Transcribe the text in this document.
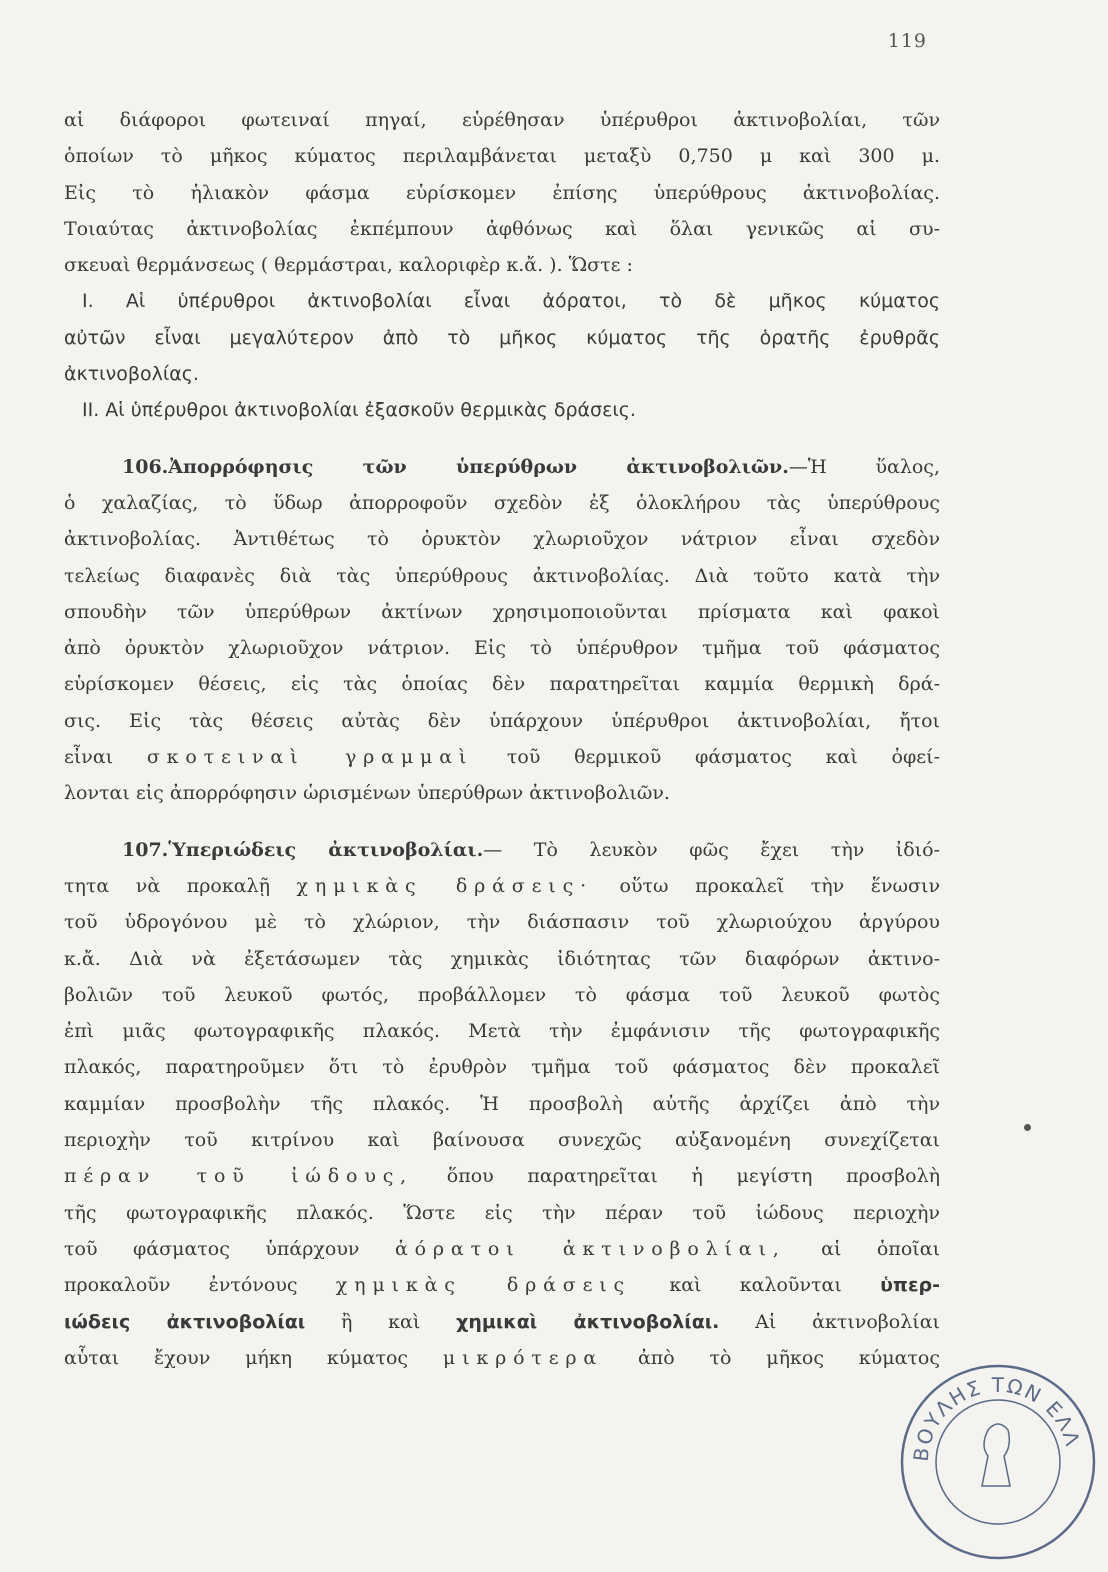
119
αἱ διάφοροι φωτειναί πηγαί, εὑρέθησαν ὑπέρυθροι ἀκτινοβολίαι, τῶν
ὁποίων τὸ μῆκος κύματος περιλαμβάνεται μεταξὺ 0,750 μ καὶ 300 μ.
Εἰς τὸ ἡλιακὸν φάσμα εὑρίσκομεν ἐπίσης ὑπερύθρους ἀκτινοβολίας.
Τοιαύτας ἀκτινοβολίας ἐκπέμπουν ἀφθόνως καὶ ὅλαι γενικῶς αἱ συ-
σκευαὶ θερμάνσεως ( θερμάστραι, καλοριφὲρ κ.ἄ. ). Ὥστε :
Ι. Αἱ ὑπέρυθροι ἀκτινοβολίαι εἶναι ἀόρατοι, τὸ δὲ μῆκος κύματος
αὐτῶν εἶναι μεγαλύτερον ἀπὸ τὸ μῆκος κύματος τῆς ὁρατῆς ἐρυθρᾶς
ἀκτινοβολίας.
ΙΙ. Αἱ ὑπέρυθροι ἀκτινοβολίαι ἐξασκοῦν θερμικὰς δράσεις.
106.Ἀπορρόφησις τῶν ὑπερύθρων ἀκτινοβολιῶν.—Ἡ ὕαλος,
ὁ χαλαζίας, τὸ ὕδωρ ἀπορροφοῦν σχεδὸν ἐξ ὁλοκλήρου τὰς ὑπερύθρους
ἀκτινοβολίας. Ἀντιθέτως τὸ ὀρυκτὸν χλωριοῦχον νάτριον εἶναι σχεδὸν
τελείως διαφανὲς διὰ τὰς ὑπερύθρους ἀκτινοβολίας. Διὰ τοῦτο κατὰ τὴν
σπουδὴν τῶν ὑπερύθρων ἀκτίνων χρησιμοποιοῦνται πρίσματα καὶ φακοὶ
ἀπὸ ὀρυκτὸν χλωριοῦχον νάτριον. Εἰς τὸ ὑπέρυθρον τμῆμα τοῦ φάσματος
εὑρίσκομεν θέσεις, εἰς τὰς ὁποίας δὲν παρατηρεῖται καμμία θερμικὴ δρά-
σις. Εἰς τὰς θέσεις αὐτὰς δὲν ὑπάρχουν ὑπέρυθροι ἀκτινοβολίαι, ἤτοι
εἶναι σκοτειναὶ γραμμαὶ τοῦ θερμικοῦ φάσματος καὶ ὀφεί-
λονται εἰς ἀπορρόφησιν ὡρισμένων ὑπερύθρων ἀκτινοβολιῶν.
107.Ὑπεριώδεις ἀκτινοβολίαι.— Τὸ λευκὸν φῶς ἔχει τὴν ἰδιό-
τητα νὰ προκαλῇ χημικὰς δράσεις· οὕτω προκαλεῖ τὴν ἕνωσιν
τοῦ ὑδρογόνου μὲ τὸ χλώριον, τὴν διάσπασιν τοῦ χλωριούχου ἀργύρου
κ.ἄ. Διὰ νὰ ἐξετάσωμεν τὰς χημικὰς ἰδιότητας τῶν διαφόρων ἀκτινο-
βολιῶν τοῦ λευκοῦ φωτός, προβάλλομεν τὸ φάσμα τοῦ λευκοῦ φωτὸς
ἐπὶ μιᾶς φωτογραφικῆς πλακός. Μετὰ τὴν ἐμφάνισιν τῆς φωτογραφικῆς
πλακός, παρατηροῦμεν ὅτι τὸ ἐρυθρὸν τμῆμα τοῦ φάσματος δὲν προκαλεῖ
καμμίαν προσβολὴν τῆς πλακός. Ἡ προσβολὴ αὐτῆς ἀρχίζει ἀπὸ τὴν
περιοχὴν τοῦ κιτρίνου καὶ βαίνουσα συνεχῶς αὐξανομένη συνεχίζεται
πέραν τοῦ ἰώδους, ὅπου παρατηρεῖται ἡ μεγίστη προσβολὴ
τῆς φωτογραφικῆς πλακός. Ὥστε εἰς τὴν πέραν τοῦ ἰώδους περιοχὴν
τοῦ φάσματος ὑπάρχουν ἀόρατοι ἀκτινοβολίαι, αἱ ὁποῖαι
προκαλοῦν ἐντόνους χημικὰς δράσεις καὶ καλοῦνται ὑπερ-
ιώδεις ἀκτινοβολίαι ἢ καὶ χημικαὶ ἀκτινοβολίαι. Αἱ ἀκτινοβολίαι
αὗται ἔχουν μήκη κύματος μικρότερα ἀπὸ τὸ μῆκος κύματος
ΒΟΥΛΗΣ ΤΩΝ ΕΛΛ
